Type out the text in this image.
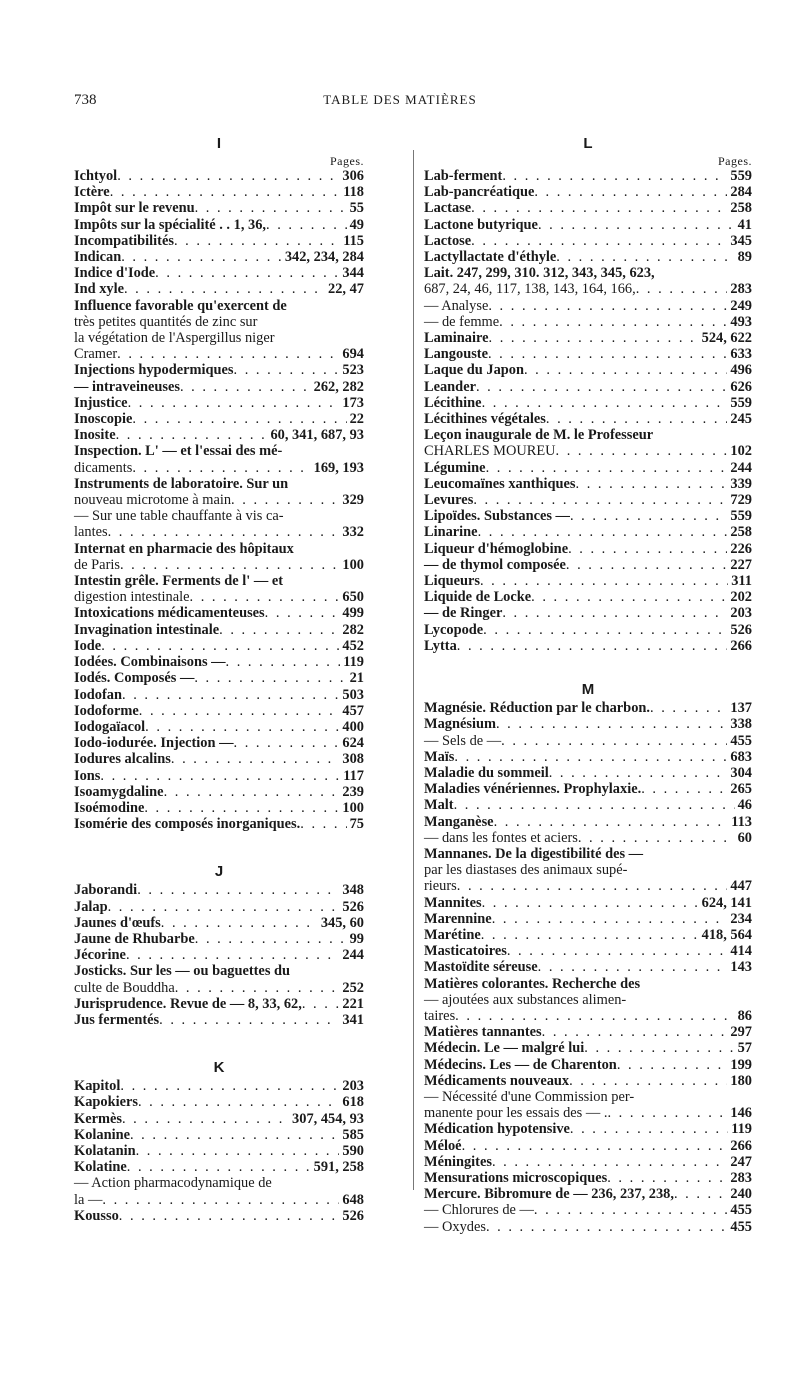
738	TABLE DES MATIÈRES
I
Pages.
Ichtyol . . .	306
Ictère . . .	118
Impôt sur le revenu . . .	55
Impôts sur la spécialité . . 1, 36, . . .	49
Incompatibilités . . .	115
Indican . . .	342, 234, 284
Indice d'Iode . . .	344
Ind xyle . . .	22, 47
Influence favorable qu'exercent de
très petites quantités de zinc sur
la végétation de l'Aspergillus niger
Cramer . . .	694
Injections hypodermiques . . .	523
— intraveineuses . . .	262, 282
Injustice . . .	173
Inoscopie . . .	22
Inosite . . .	60, 341, 687, 93
Inspection. L' — et l'essai des mé-
dicaments . . .	169, 193
Instruments de laboratoire. Sur un
nouveau microtome à main . . .	329
— Sur une table chauffante à vis ca-
lantes . . .	332
Internat en pharmacie des hôpitaux
de Paris . . .	100
Intestin grêle. Ferments de l' — et
digestion intestinale . . .	650
Intoxications médicamenteuses . . .	499
Invagination intestinale . . .	282
Iode . . .	452
Iodées. Combinaisons — . . .	119
Iodés. Composés — . . .	21
Iodofan . . .	503
Iodoforme . . .	457
Iodogaïacol . . .	400
Iodo-iodurée. Injection — . . .	624
Iodures alcalins . . .	308
Ions . . .	117
Isoamygdaline . . .	239
Isoémodine . . .	100
Isomérie des composés inorganiques. . . .	75
J
Jaborandi . . .	348
Jalap . . .	526
Jaunes d'œufs . . .	345, 60
Jaune de Rhubarbe . . .	99
Jécorine . . .	244
Josticks. Sur les — ou baguettes du
culte de Bouddha . . .	252
Jurisprudence. Revue de — 8, 33, 62, . . .	221
Jus fermentés . . .	341
K
Kapitol . . .	203
Kapokiers . . .	618
Kermès . . .	307, 454, 93
Kolanine . . .	585
Kolatanin . . .	590
Kolatine . . .	591, 258
— Action pharmacodynamique de
la — . . .	648
Kousso . . .	526
L
Pages.
Lab-ferment . . .	559
Lab-pancréatique . . .	284
Lactase . . .	258
Lactone butyrique . . .	41
Lactose . . .	345
Lactyllactate d'éthyle . . .	89
Lait. 247, 299, 310. 312, 343, 345, 623,
687, 24, 46, 117, 138, 143, 164, 166, . . .	283
— Analyse . . .	249
— de femme . . .	493
Laminaire . . .	524, 622
Langouste . . .	633
Laque du Japon . . .	496
Leander . . .	626
Lécithine . . .	559
Lécithines végétales . . .	245
Leçon inaugurale de M. le Professeur
CHARLES MOUREU . . .	102
Légumine . . .	244
Leucomaïnes xanthiques . . .	339
Levures . . .	729
Lipoïdes. Substances — . . .	559
Linarine . . .	258
Liqueur d'hémoglobine . . .	226
— de thymol composée . . .	227
Liqueurs . . .	311
Liquide de Locke . . .	202
— de Ringer . . .	203
Lycopode . . .	526
Lytta . . .	266
M
Magnésie. Réduction par le charbon. . . .	137
Magnésium . . .	338
— Sels de — . . .	455
Maïs . . .	683
Maladie du sommeil . . .	304
Maladies vénériennes. Prophylaxie. . . .	265
Malt . . .	46
Manganèse . . .	113
— dans les fontes et aciers . . .	60
Mannanes. De la digestibilité des —
par les diastases des animaux supé-
rieurs . . .	447
Mannites . . .	624, 141
Marennine . . .	234
Marétine . . .	418, 564
Masticatoires . . .	414
Mastoïdite séreuse . . .	143
Matières colorantes. Recherche des
— ajoutées aux substances alimen-
taires . . .	86
Matières tannantes . . .	297
Médecin. Le — malgré lui . . .	57
Médecins. Les — de Charenton . . .	199
Médicaments nouveaux . . .	180
— Nécessité d'une Commission per-
manente pour les essais des — . . . .	146
Médication hypotensive . . .	119
Méloé . . .	266
Méningites . . .	247
Mensurations microscopiques . . .	283
Mercure. Bibromure de — 236, 237, 238, . . .	240
— Chlorures de — . . .	455
— Oxydes . . .	455
